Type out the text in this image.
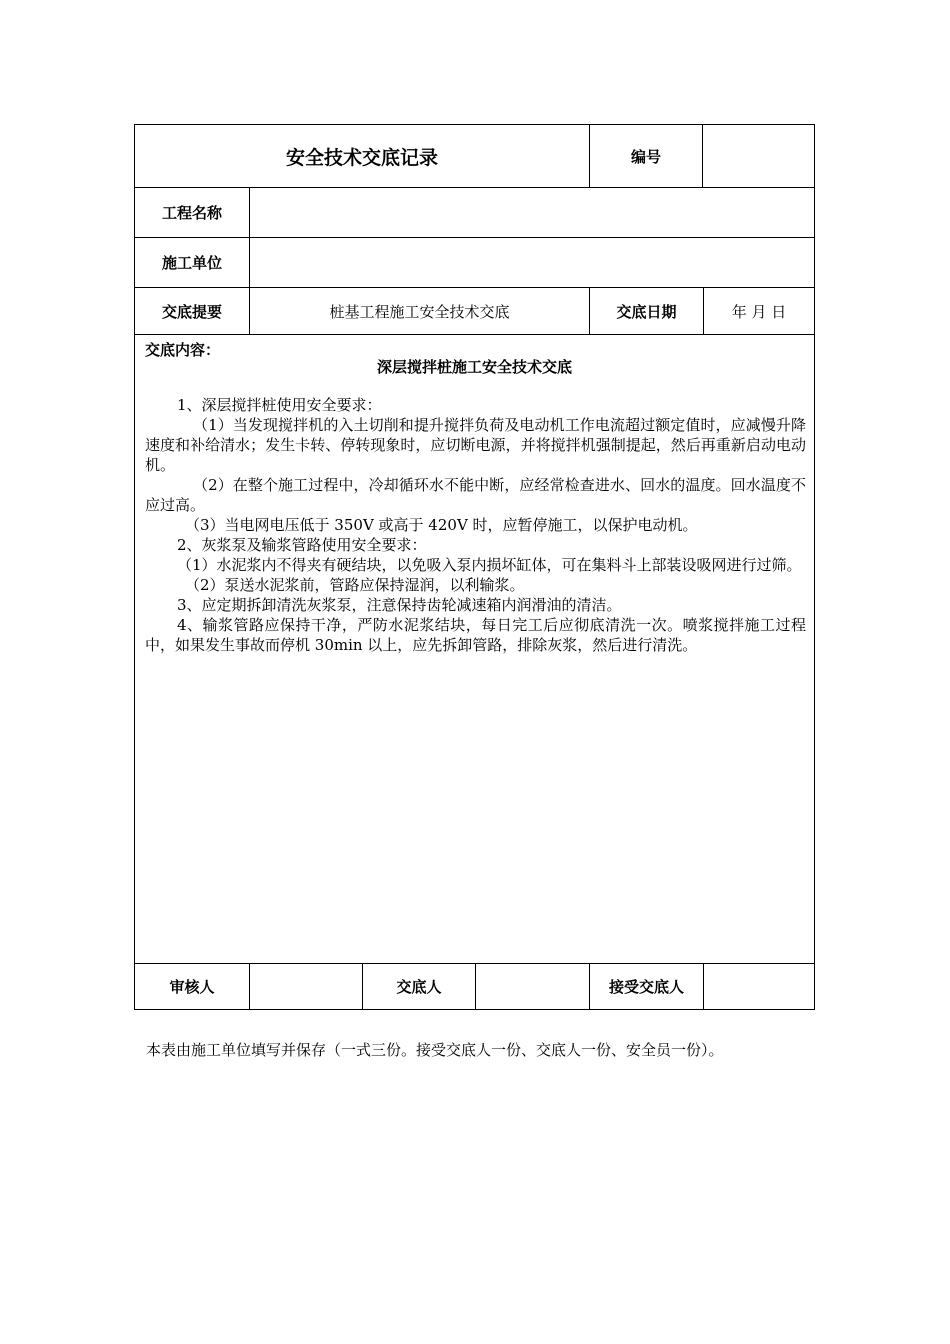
安全技术交底记录	编号
工程名称
施工单位
交底提要	桩基工程施工安全技术交底	交底日期	年 月 日
交底内容：
深层搅拌桩施工安全技术交底

1、深层搅拌桩使用安全要求：

（1）当发现搅拌机的入土切削和提升搅拌负荷及电动机工作电流超过额定值时，应减慢升降速度和补给清水；发生卡转、停转现象时，应切断电源，并将搅拌机强制提起，然后再重新启动电动机。

（2）在整个施工过程中，冷却循环水不能中断，应经常检查进水、回水的温度。回水温度不应过高。

（3）当电网电压低于 350V 或高于 420V 时，应暂停施工，以保护电动机。

2、灰浆泵及输浆管路使用安全要求：

（1）水泥浆内不得夹有硬结块，以免吸入泵内损坏缸体，可在集料斗上部装设吸网进行过筛。

（2）泵送水泥浆前，管路应保持湿润，以利输浆。

3、应定期拆卸清洗灰浆泵，注意保持齿轮减速箱内润滑油的清洁。

4、输浆管路应保持干净，严防水泥浆结块，每日完工后应彻底清洗一次。喷浆搅拌施工过程中，如果发生事故而停机 30min 以上，应先拆卸管路，排除灰浆，然后进行清洗。

审核人	交底人	接受交底人
本表由施工单位填写并保存（一式三份。接受交底人一份、交底人一份、安全员一份）。
